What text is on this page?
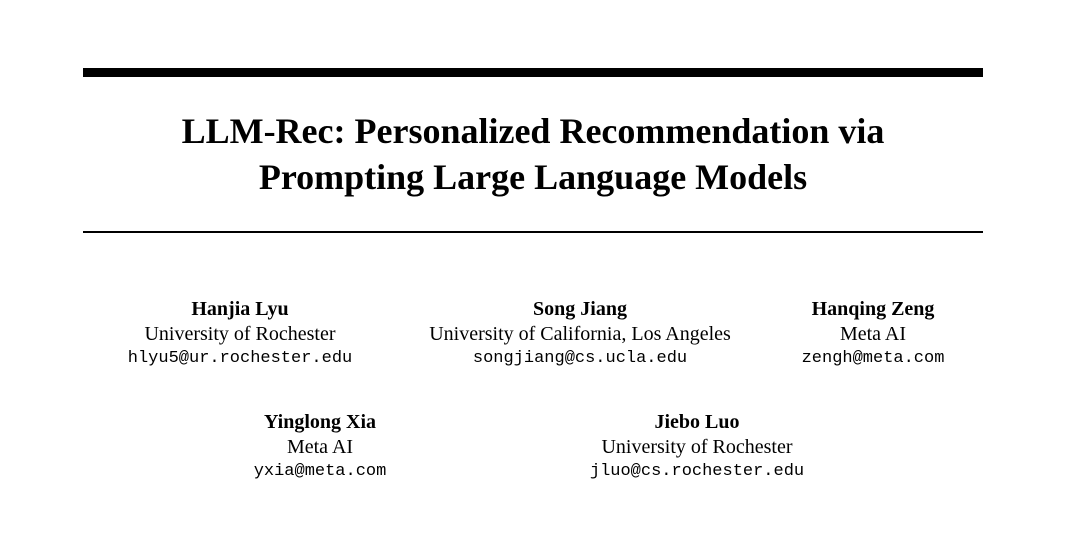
LLM-Rec: Personalized Recommendation via
Prompting Large Language Models
Hanjia Lyu
University of Rochester
hlyu5@ur.rochester.edu
Song Jiang
University of California, Los Angeles
songjiang@cs.ucla.edu
Hanqing Zeng
Meta AI
zengh@meta.com
Yinglong Xia
Meta AI
yxia@meta.com
Jiebo Luo
University of Rochester
jluo@cs.rochester.edu
